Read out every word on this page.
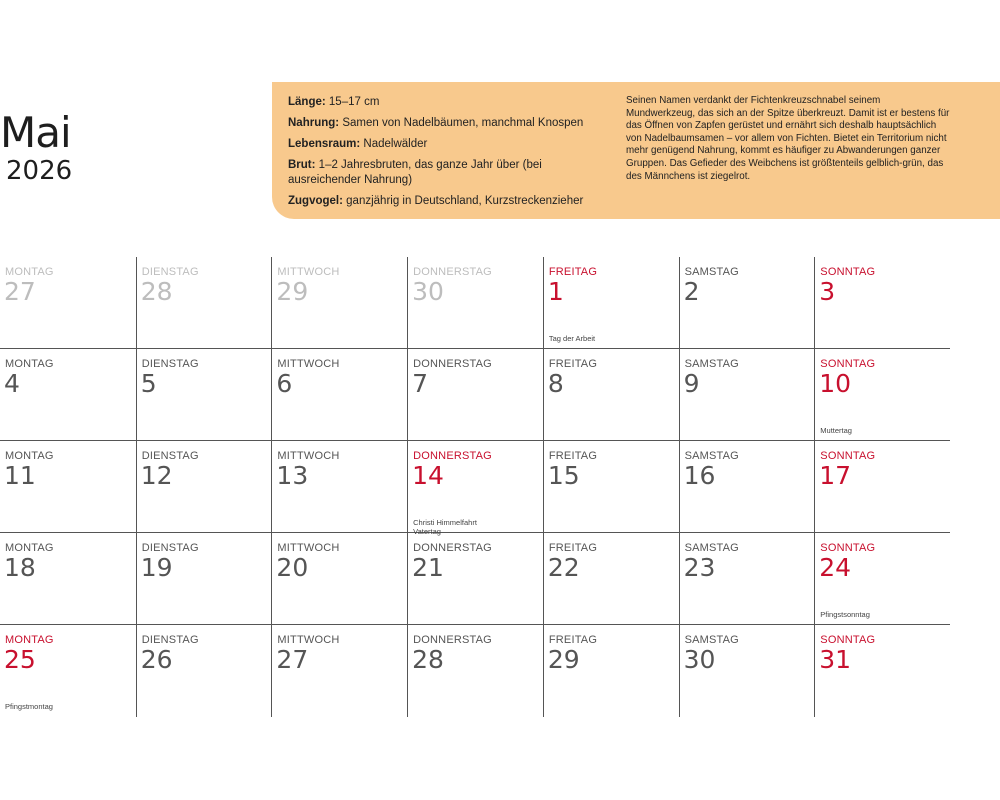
Mai
2026
Länge: 15–17 cm
Nahrung: Samen von Nadelbäumen, manchmal Knospen
Lebensraum: Nadelwälder
Brut: 1–2 Jahresbruten, das ganze Jahr über (bei ausreichender Nahrung)
Zugvogel: ganzjährig in Deutschland, Kurzstreckenzieher
Seinen Namen verdankt der Fichtenkreuzschnabel seinem Mundwerkzeug, das sich an der Spitze überkreuzt. Damit ist er bestens für das Öffnen von Zapfen gerüstet und ernährt sich deshalb hauptsächlich von Nadelbaumsamen – vor allem von Fichten. Bietet ein Territorium nicht mehr genügend Nahrung, kommt es häufiger zu Abwanderungen ganzer Gruppen. Das Gefieder des Weibchens ist größtenteils gelblich-grün, das des Männchens ist ziegelrot.
MONTAG
27
DIENSTAG
28
MITTWOCH
29
DONNERSTAG
30
FREITAG
1
Tag der Arbeit
SAMSTAG
2
SONNTAG
3
MONTAG
4
DIENSTAG
5
MITTWOCH
6
DONNERSTAG
7
FREITAG
8
SAMSTAG
9
SONNTAG
10
Muttertag
MONTAG
11
DIENSTAG
12
MITTWOCH
13
DONNERSTAG
14
Christi Himmelfahrt
Vatertag
FREITAG
15
SAMSTAG
16
SONNTAG
17
MONTAG
18
DIENSTAG
19
MITTWOCH
20
DONNERSTAG
21
FREITAG
22
SAMSTAG
23
SONNTAG
24
Pfingstsonntag
MONTAG
25
Pfingstmontag
DIENSTAG
26
MITTWOCH
27
DONNERSTAG
28
FREITAG
29
SAMSTAG
30
SONNTAG
31
